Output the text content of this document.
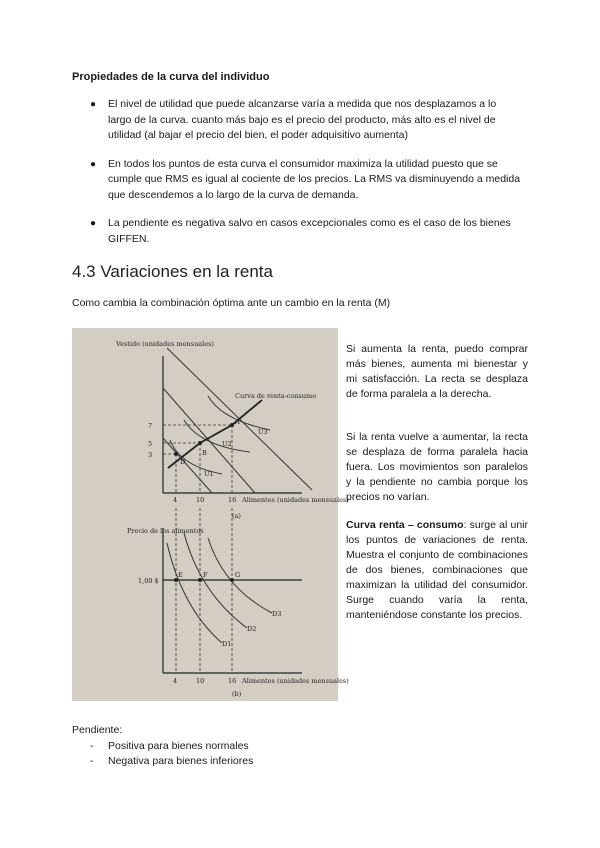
Propiedades de la curva del individuo
● El nivel de utilidad que puede alcanzarse varía a medida que nos desplazamos a lo largo de la curva. cuanto más bajo es el precio del producto, más alto es el nivel de utilidad (al bajar el precio del bien, el poder adquisitivo aumenta)
● En todos los puntos de esta curva el consumidor maximiza la utilidad puesto que se cumple que RMS es igual al cociente de los precios. La RMS va disminuyendo a medida que descendemos a lo largo de la curva de demanda.
● La pendiente es negativa salvo en casos excepcionales como es el caso de los bienes GIFFEN.
4.3 Variaciones en la renta
Como cambia la combinación óptima ante un cambio en la renta (M)
Vestido (unidades mensuales)
7
5
3
4	10	16 Alimentos (unidades mensuales)
(a)
Curva de renta-consumo
A
B
D
U1
U2
U3
Precio de los alimentos
1,00 $
E	F	G
D1
D2
D3
4	10	16 Alimentos (unidades mensuales)
(b)
Si aumenta la renta, puedo comprar más bienes, aumenta mi bienestar y mi satisfacción. La recta se desplaza de forma paralela a la derecha.
Si la renta vuelve a aumentar, la recta se desplaza de forma paralela hacia fuera. Los movimientos son paralelos y la pendiente no cambia porque los precios no varían.
Curva renta – consumo: surge al unir los puntos de variaciones de renta. Muestra el conjunto de combinaciones de dos bienes, combinaciones que maximizan la utilidad del consumidor. Surge cuando varía la renta, manteniéndose constante los precios.
Pendiente:
- Positiva para bienes normales
- Negativa para bienes inferiores
